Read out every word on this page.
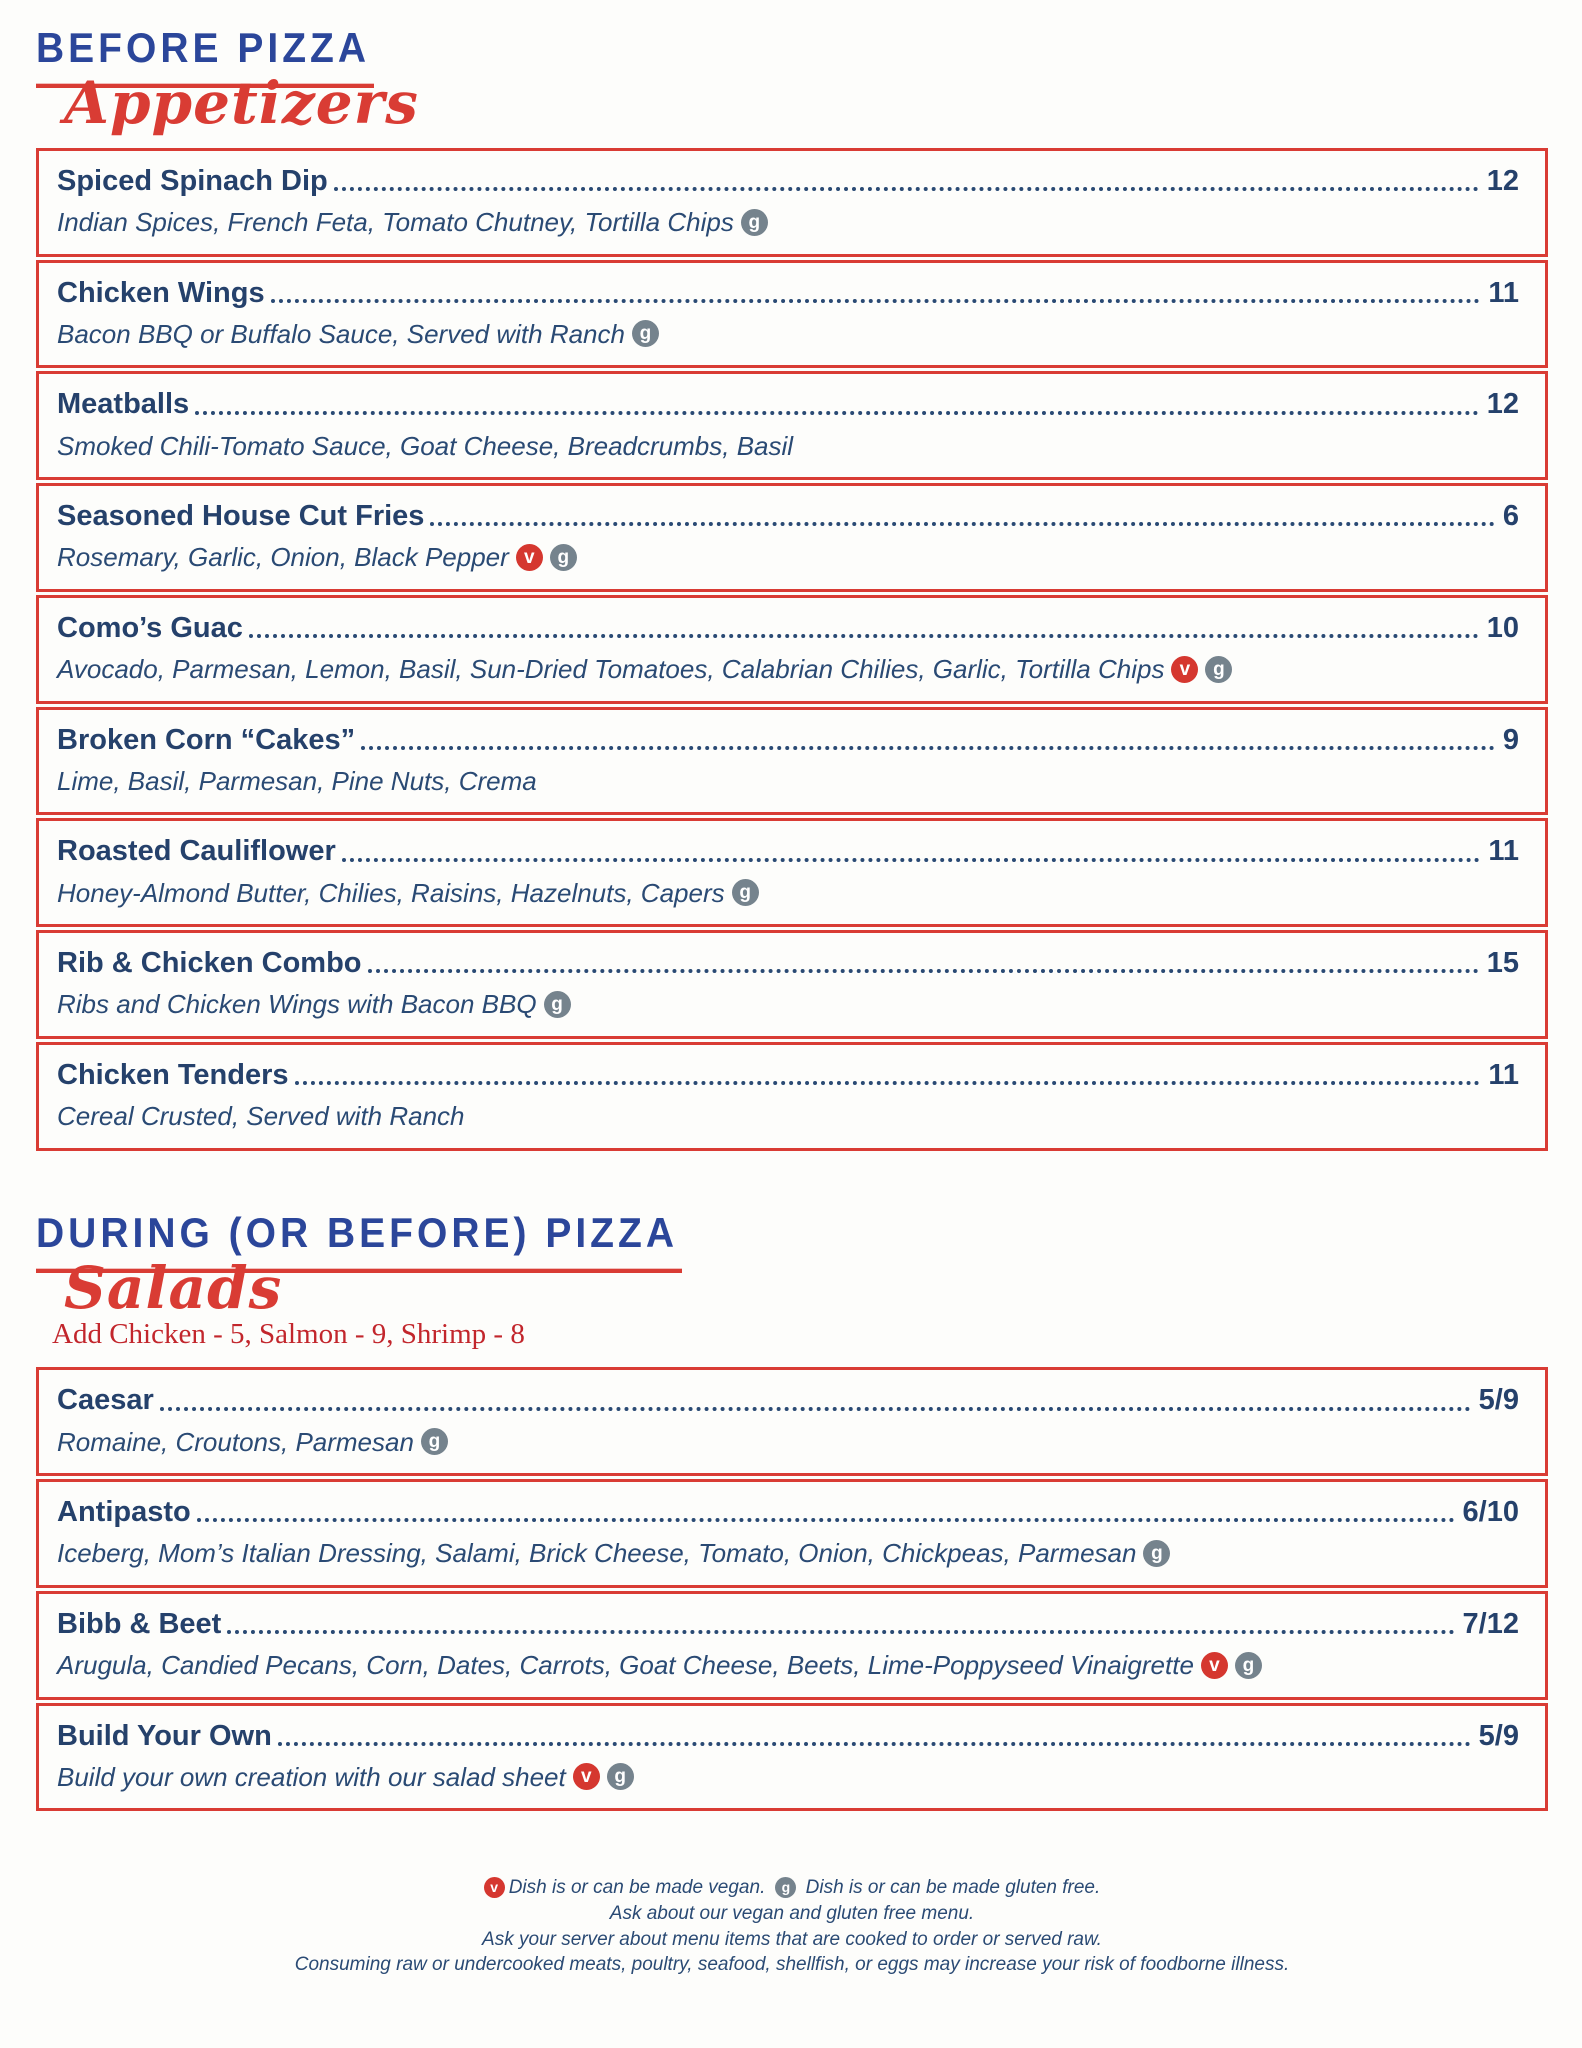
BEFORE PIZZA
Appetizers
Spiced Spinach Dip	12
Indian Spices, French Feta, Tomato Chutney, Tortilla Chips g
Chicken Wings	11
Bacon BBQ or Buffalo Sauce, Served with Ranch g
Meatballs	12
Smoked Chili-Tomato Sauce, Goat Cheese, Breadcrumbs, Basil
Seasoned House Cut Fries	6
Rosemary, Garlic, Onion, Black Pepper v g
Como’s Guac	10
Avocado, Parmesan, Lemon, Basil, Sun-Dried Tomatoes, Calabrian Chilies, Garlic, Tortilla Chips v g
Broken Corn “Cakes”	9
Lime, Basil, Parmesan, Pine Nuts, Crema
Roasted Cauliflower	11
Honey-Almond Butter, Chilies, Raisins, Hazelnuts, Capers g
Rib & Chicken Combo	15
Ribs and Chicken Wings with Bacon BBQ g
Chicken Tenders	11
Cereal Crusted, Served with Ranch
DURING (OR BEFORE) PIZZA
Salads
Add Chicken - 5, Salmon - 9, Shrimp - 8
Caesar	5/9
Romaine, Croutons, Parmesan g
Antipasto	6/10
Iceberg, Mom’s Italian Dressing, Salami, Brick Cheese, Tomato, Onion, Chickpeas, Parmesan g
Bibb & Beet	7/12
Arugula, Candied Pecans, Corn, Dates, Carrots, Goat Cheese, Beets, Lime-Poppyseed Vinaigrette v g
Build Your Own	5/9
Build your own creation with our salad sheet v g
v Dish is or can be made vegan. g Dish is or can be made gluten free.
Ask about our vegan and gluten free menu.
Ask your server about menu items that are cooked to order or served raw.
Consuming raw or undercooked meats, poultry, seafood, shellfish, or eggs may increase your risk of foodborne illness.
